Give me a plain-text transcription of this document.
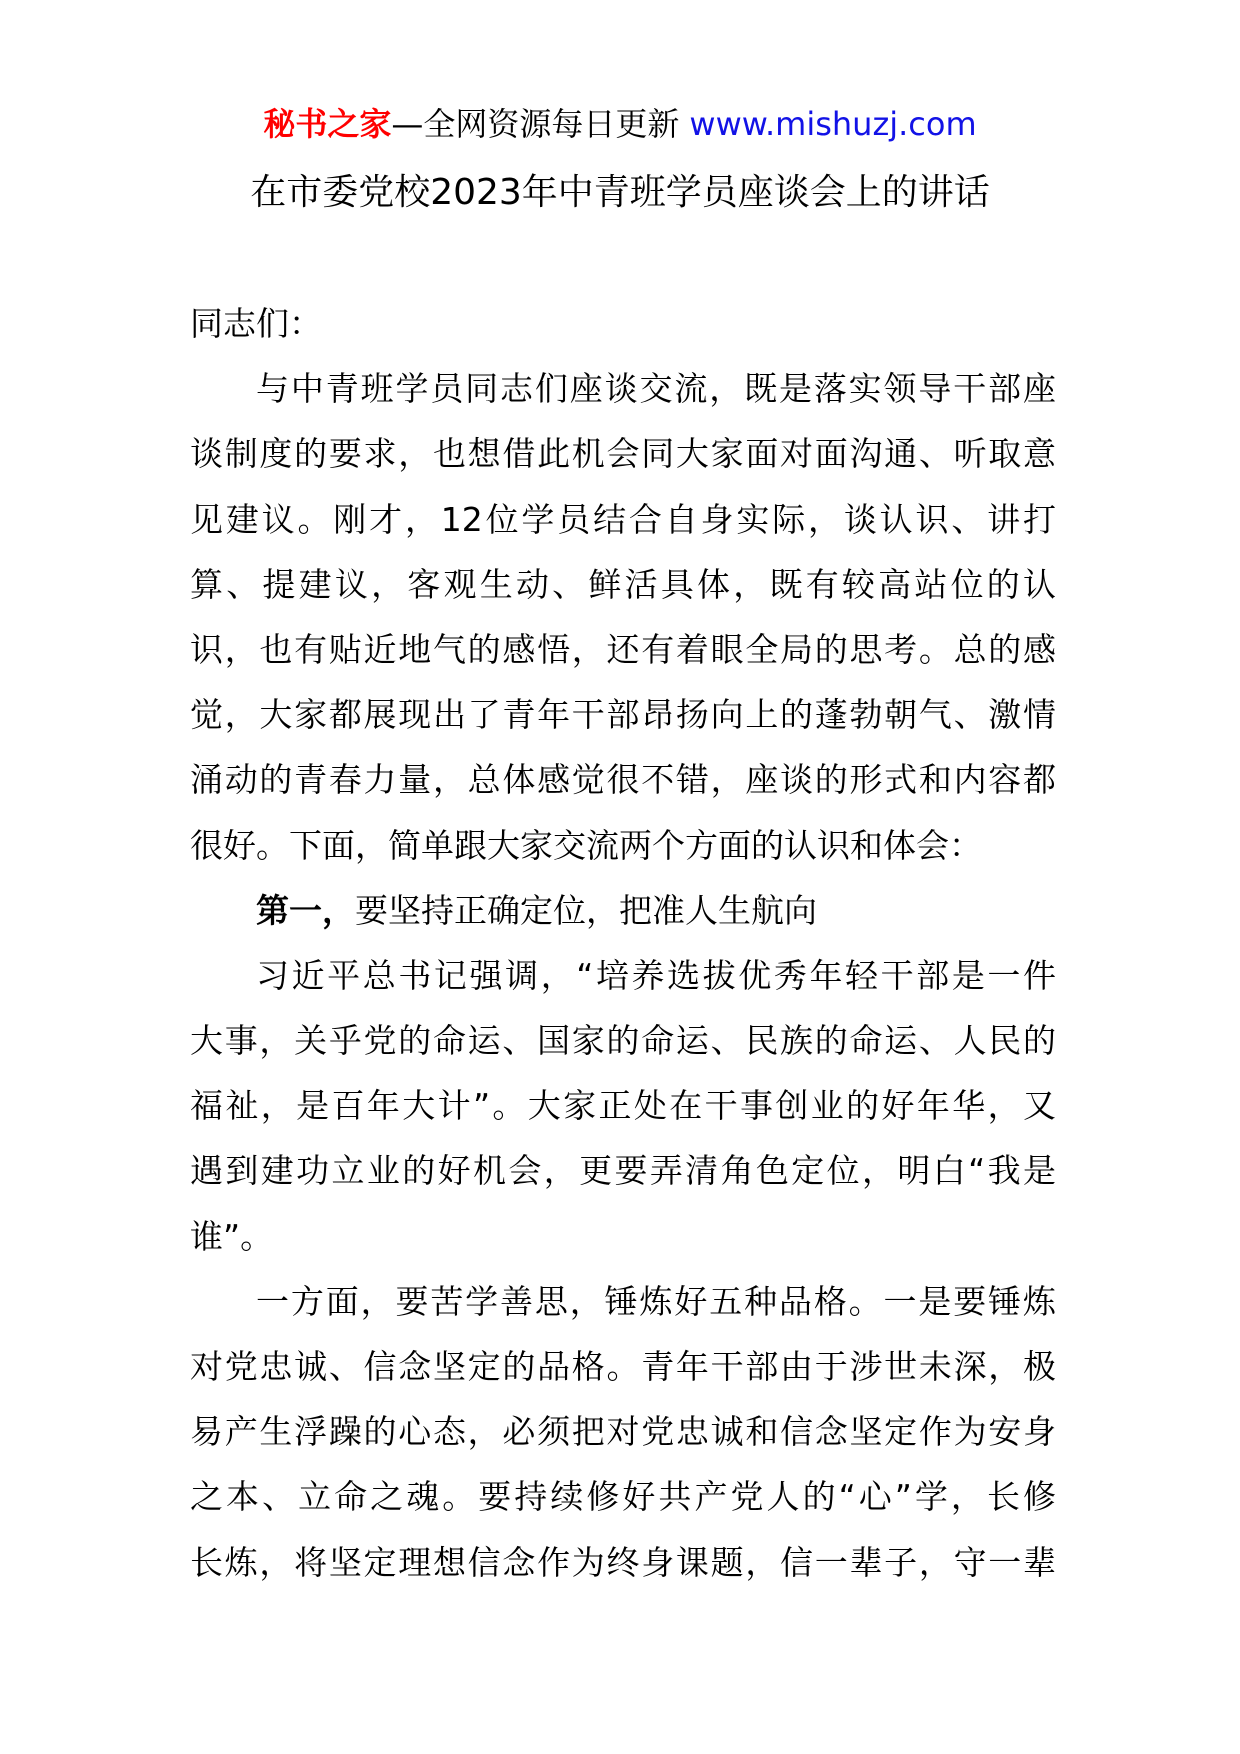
秘书之家—全网资源每日更新 www.mishuzj.com
在市委党校2023年中青班学员座谈会上的讲话
同志们：
与中青班学员同志们座谈交流，既是落实领导干部座
谈制度的要求，也想借此机会同大家面对面沟通、听取意
见建议。刚才，12位学员结合自身实际，谈认识、讲打
算、提建议，客观生动、鲜活具体，既有较高站位的认
识，也有贴近地气的感悟，还有着眼全局的思考。总的感
觉，大家都展现出了青年干部昂扬向上的蓬勃朝气、激情
涌动的青春力量，总体感觉很不错，座谈的形式和内容都
很好。下面，简单跟大家交流两个方面的认识和体会：
第一，要坚持正确定位，把准人生航向
习近平总书记强调，“培养选拔优秀年轻干部是一件
大事，关乎党的命运、国家的命运、民族的命运、人民的
福祉，是百年大计”。大家正处在干事创业的好年华，又
遇到建功立业的好机会，更要弄清角色定位，明白“我是
谁”。
一方面，要苦学善思，锤炼好五种品格。一是要锤炼
对党忠诚、信念坚定的品格。青年干部由于涉世未深，极
易产生浮躁的心态，必须把对党忠诚和信念坚定作为安身
之本、立命之魂。要持续修好共产党人的“心”学，长修
长炼，将坚定理想信念作为终身课题，信一辈子，守一辈
